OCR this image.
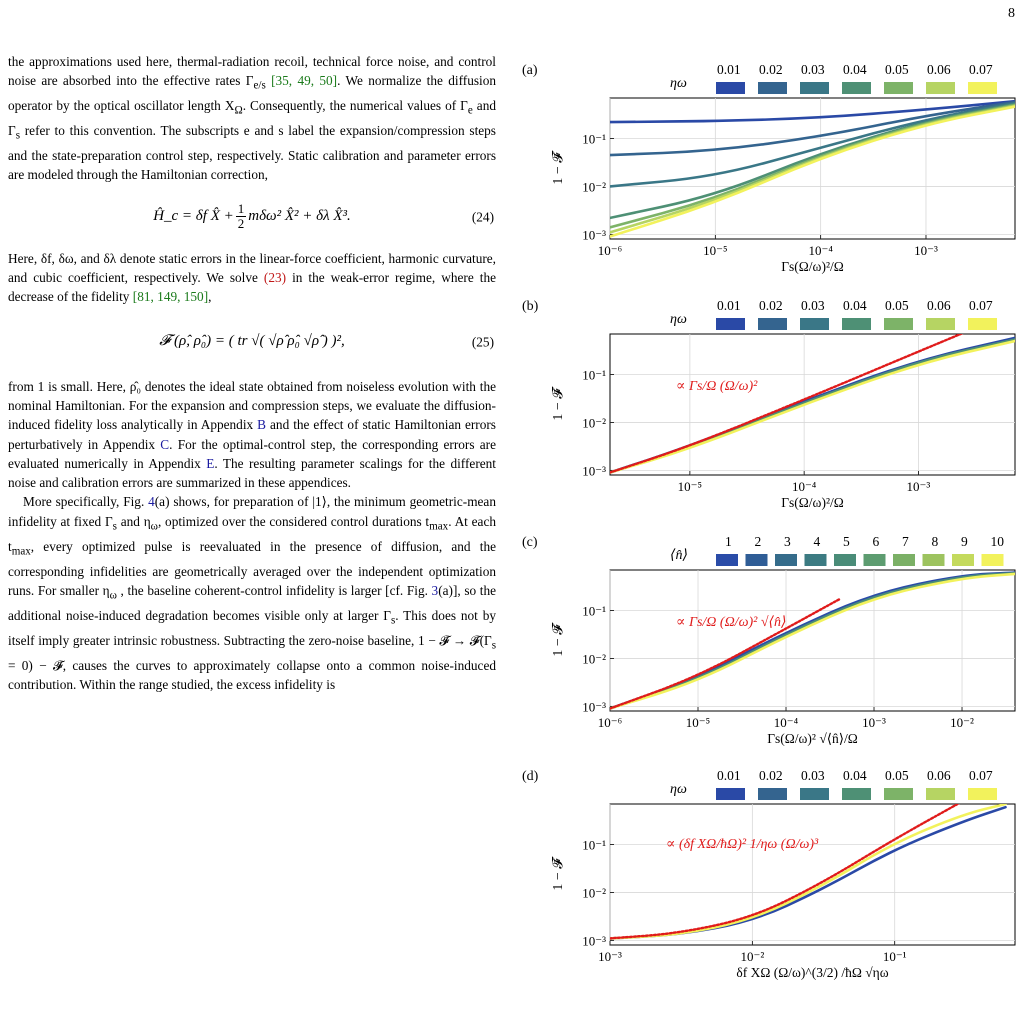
8

the approximations used here, thermal-radiation recoil, technical force noise, and control noise are absorbed into the effective rates $\Gamma_{e/s}$ [35, 49, 50]. We normalize the diffusion operator by the optical oscillator length $X_\Omega$. Consequently, the numerical values of $\Gamma_e$ and $\Gamma_s$ refer to this convention. The subscripts e and s label the expansion/compression steps and the state-preparation control step, respectively. Static calibration and parameter errors are modeled through the Hamiltonian correction,

Ĥ_c = δf X̂ + $\frac{1}{2} m\delta\omega^2$ X̂² + δλ X̂³.	(24)

Here, δf, δω, and δλ denote static errors in the linear-force coefficient, harmonic curvature, and cubic coefficient, respectively. We solve (23) in the weak-error regime, where the decrease of the fidelity [81, 149, 150],

𝓕 (ρ̂, ρ̂₀) = ( tr √( √ρ̂ ρ̂₀ √ρ̂ ) )²,	(25)

from 1 is small. Here, ρ̂₀ denotes the ideal state obtained from noiseless evolution with the nominal Hamiltonian. For the expansion and compression steps, we evaluate the diffusion-induced fidelity loss analytically in Appendix B and the effect of static Hamiltonian errors perturbatively in Appendix C. For the optimal-control step, the corresponding errors are evaluated numerically in Appendix E. The resulting parameter scalings for the different noise and calibration errors are summarized in these appendices.

More specifically, Fig. 4(a) shows, for preparation of |1⟩, the minimum geometric-mean infidelity at fixed $\Gamma_s$ and $\eta_\omega$, optimized over the considered control durations $t_{max}$. At each $t_{max}$, every optimized pulse is reevaluated in the presence of diffusion, and the corresponding infidelities are geometrically averaged over the independent optimization runs. For smaller $\eta_\omega$ , the baseline coherent-control infidelity is larger [cf. Fig. 3(a)], so the additional noise-induced degradation becomes visible only at larger $\Gamma_s$. This does not by itself imply greater intrinsic robustness. Subtracting the zero-noise baseline, 1 − 𝓕̄ → $𝓕̄(\Gamma_s = 0)$ − 𝓕̄, causes the curves to approximately collapse onto a common noise-induced contribution. Within the range studied, the excess infidelity is

(a)
ηω
0.01 0.02 0.03 0.04 0.05 0.06 0.07
10⁻⁶	10⁻⁵	10⁻⁴	10⁻³
10⁻³
10⁻²
10⁻¹
Γs(Ω/ω)²/Ω
1 − 𝓕̄
(b)
ηω
0.01 0.02 0.03 0.04 0.05 0.06 0.07
10⁻⁵	10⁻⁴	10⁻³
10⁻³
10⁻²
10⁻¹
Γs(Ω/ω)²/Ω
1 − 𝓕̄
∝ Γs/Ω (Ω/ω)²
(c)
⟨n̂⟩
1 2 3 4 5 6 7 8 9 10
10⁻⁶	10⁻⁵	10⁻⁴	10⁻³	10⁻²
10⁻³
10⁻²
10⁻¹
Γs(Ω/ω)² √⟨n̂⟩/Ω
1 − 𝓕̄
∝ Γs/Ω (Ω/ω)² √⟨n̂⟩
(d)
ηω
0.01 0.02 0.03 0.04 0.05 0.06 0.07
10⁻³	10⁻²	10⁻¹
10⁻³
10⁻²
10⁻¹
δf XΩ (Ω/ω)^(3/2) /ħΩ √ηω
1 − 𝓕̄
∝ (δf XΩ/ħΩ)² 1/ηω (Ω/ω)³
